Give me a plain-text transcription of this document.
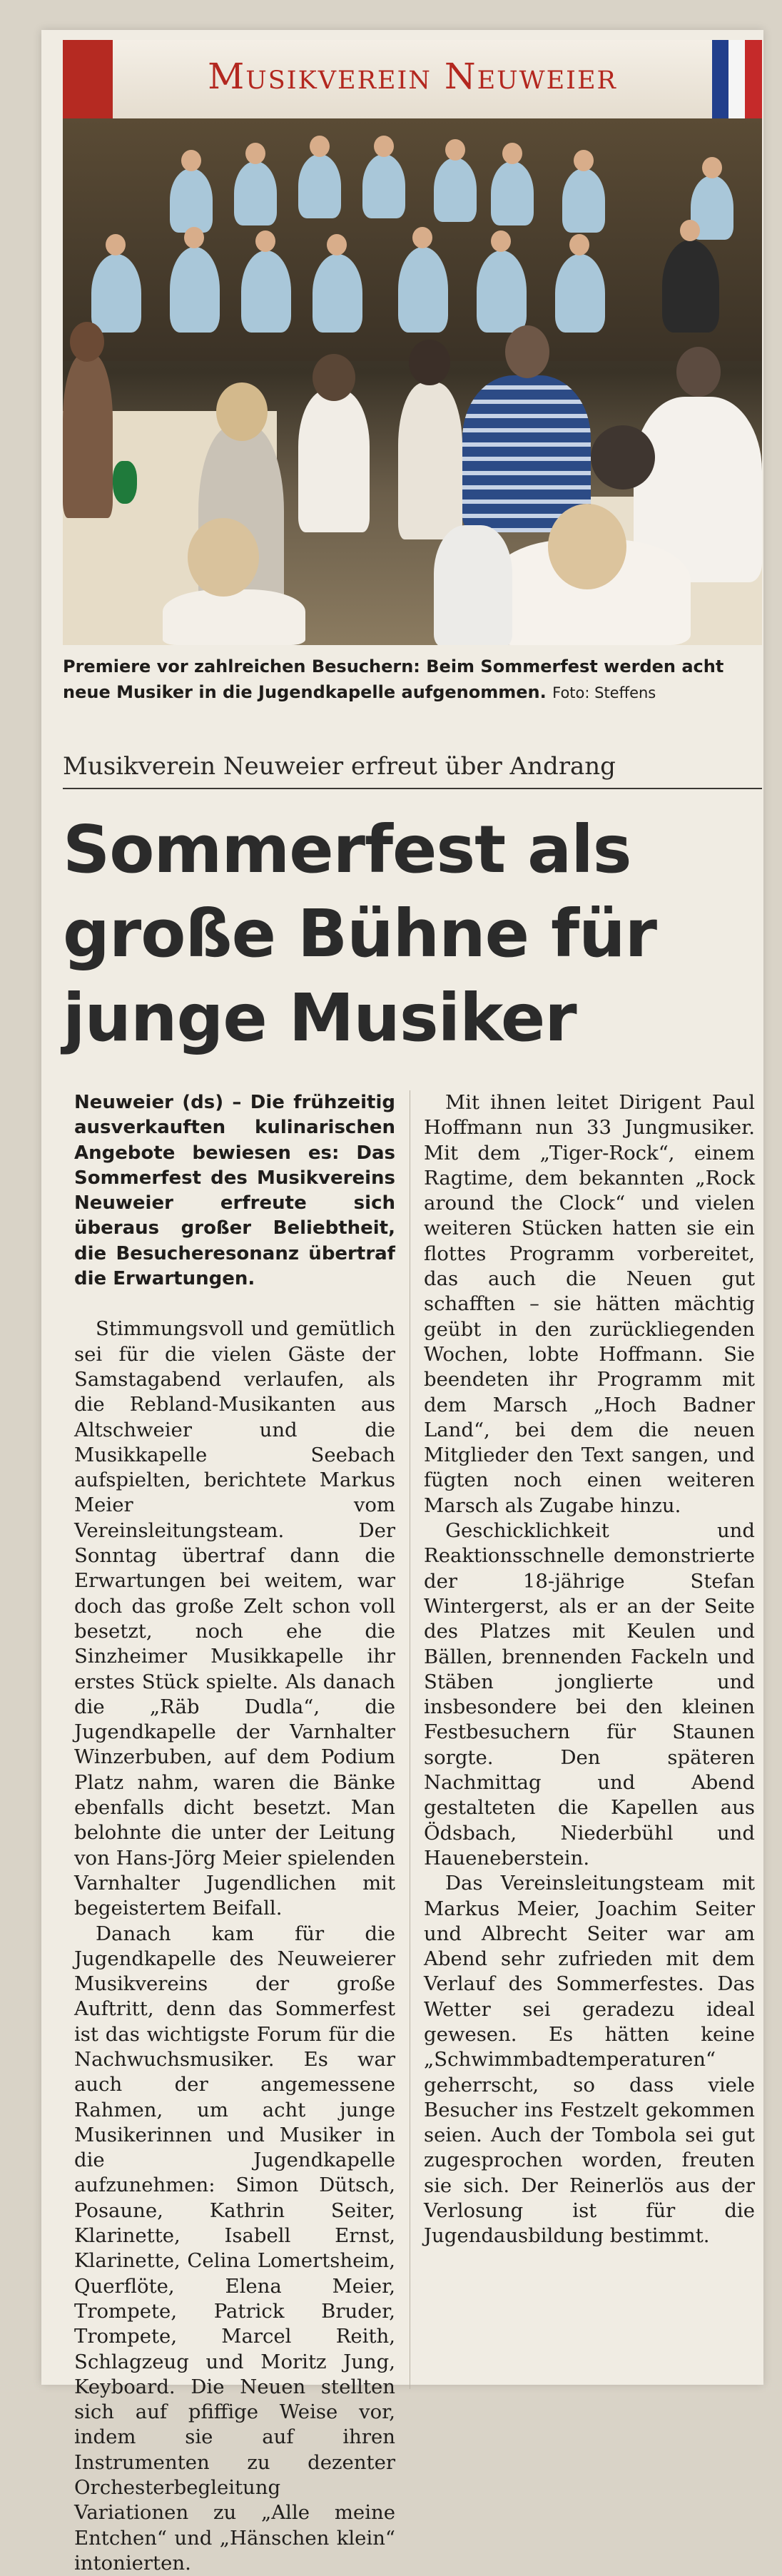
Musikverein Neuweier
Premiere vor zahlreichen Besuchern: Beim Sommerfest werden acht neue Musiker in die Jugendkapelle aufgenommen. Foto: Steffens
Musikverein Neuweier erfreut über Andrang
Sommerfest als
große Bühne für
junge Musiker

Neuweier (ds) – Die frühzeitig ausverkauften kulinarischen Angebote bewiesen es: Das Sommerfest des Musikvereins Neuweier erfreute sich überaus großer Beliebtheit, die Besucheresonanz übertraf die Erwartungen.

Stimmungsvoll und gemütlich sei für die vielen Gäste der Samstagabend verlaufen, als die Rebland-Musikanten aus Altschweier und die Musikkapelle Seebach aufspielten, berichtete Markus Meier vom Vereinsleitungsteam. Der Sonntag übertraf dann die Erwartungen bei weitem, war doch das große Zelt schon voll besetzt, noch ehe die Sinzheimer Musikkapelle ihr erstes Stück spielte. Als danach die „Räb Dudla“, die Jugendkapelle der Varnhalter Winzerbuben, auf dem Podium Platz nahm, waren die Bänke ebenfalls dicht besetzt. Man belohnte die unter der Leitung von Hans-Jörg Meier spielenden Varnhalter Jugendlichen mit begeistertem Beifall.

Danach kam für die Jugendkapelle des Neuweierer Musikvereins der große Auftritt, denn das Sommerfest ist das wichtigste Forum für die Nachwuchsmusiker. Es war auch der angemessene Rahmen, um acht junge Musikerinnen und Musiker in die Jugendkapelle aufzunehmen: Simon Dütsch, Posaune, Kathrin Seiter, Klarinette, Isabell Ernst, Klarinette, Celina Lomertsheim, Querflöte, Elena Meier, Trompete, Patrick Bruder, Trompete, Marcel Reith, Schlagzeug und Moritz Jung, Keyboard. Die Neuen stellten sich auf pfiffige Weise vor, indem sie auf ihren Instrumenten zu dezenter Orchesterbegleitung Variationen zu „Alle meine Entchen“ und „Hänschen klein“ intonierten.

Mit ihnen leitet Dirigent Paul Hoffmann nun 33 Jungmusiker. Mit dem „Tiger-Rock“, einem Ragtime, dem bekannten „Rock around the Clock“ und vielen weiteren Stücken hatten sie ein flottes Programm vorbereitet, das auch die Neuen gut schafften – sie hätten mächtig geübt in den zurückliegenden Wochen, lobte Hoffmann. Sie beendeten ihr Programm mit dem Marsch „Hoch Badner Land“, bei dem die neuen Mitglieder den Text sangen, und fügten noch einen weiteren Marsch als Zugabe hinzu.

Geschicklichkeit und Reaktionsschnelle demonstrierte der 18-jährige Stefan Wintergerst, als er an der Seite des Platzes mit Keulen und Bällen, brennenden Fackeln und Stäben jonglierte und insbesondere bei den kleinen Festbesuchern für Staunen sorgte. Den späteren Nachmittag und Abend gestalteten die Kapellen aus Ödsbach, Niederbühl und Haueneberstein.

Das Vereinsleitungsteam mit Markus Meier, Joachim Seiter und Albrecht Seiter war am Abend sehr zufrieden mit dem Verlauf des Sommerfestes. Das Wetter sei geradezu ideal gewesen. Es hätten keine „Schwimmbadtemperaturen“ geherrscht, so dass viele Besucher ins Festzelt gekommen seien. Auch der Tombola sei gut zugesprochen worden, freuten sie sich. Der Reinerlös aus der Verlosung ist für die Jugendausbildung bestimmt.
